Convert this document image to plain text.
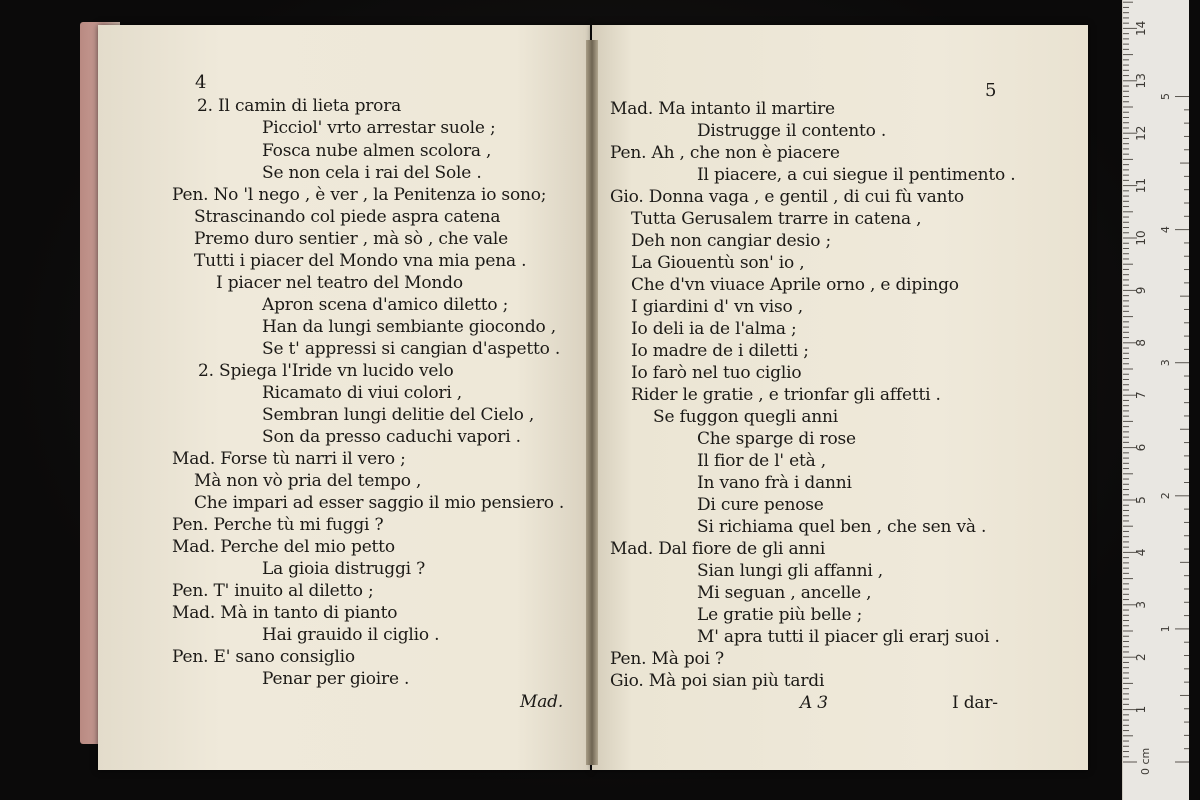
4
2. Il camin di lieta prora
Picciol' vrto arrestar suole ;
Fosca nube almen scolora ,
Se non cela i rai del Sole .
Pen. No 'l nego , è ver , la Penitenza io sono;
Strascinando col piede aspra catena
Premo duro sentier , mà sò , che vale
Tutti i piacer del Mondo vna mia pena .
I piacer nel teatro del Mondo
Apron scena d'amico diletto ;
Han da lungi sembiante giocondo ,
Se t' appressi si cangian d'aspetto .
2. Spiega l'Iride vn lucido velo
Ricamato di viui colori ,
Sembran lungi delitie del Cielo ,
Son da presso caduchi vapori .
Mad. Forse tù narri il vero ;
Mà non vò pria del tempo ,
Che impari ad esser saggio il mio pensiero .
Pen. Perche tù mi fuggi ?
Mad. Perche del mio petto
La gioia distruggi ?
Pen. T' inuito al diletto ;
Mad. Mà in tanto di pianto
Hai grauido il ciglio .
Pen. E' sano consiglio
Penar per gioire .
Mad.
5
Mad. Ma intanto il martire
Distrugge il contento .
Pen. Ah , che non è piacere
Il piacere, a cui siegue il pentimento .
Gio. Donna vaga , e gentil , di cui fù vanto
Tutta Gerusalem trarre in catena ,
Deh non cangiar desio ;
La Giouentù son' io ,
Che d'vn viuace Aprile orno , e dipingo
I giardini d' vn viso ,
Io deli ia de l'alma ;
Io madre de i diletti ;
Io farò nel tuo ciglio
Rider le gratie , e trionfar gli affetti .
Se fuggon quegli anni
Che sparge di rose
Il fior de l' età ,
In vano frà i danni
Di cure penose
Si richiama quel ben , che sen và .
Mad. Dal fiore de gli anni
Sian lungi gli affanni ,
Mi seguan , ancelle ,
Le gratie più belle ;
M' apra tutti il piacer gli erarj suoi .
Pen. Mà poi ?
Gio. Mà poi sian più tardi
A 3	I dar-	1
2
3
4
5
6
7
8
9
10
11
12
13
14
0 cm
1
2
3
4
5
